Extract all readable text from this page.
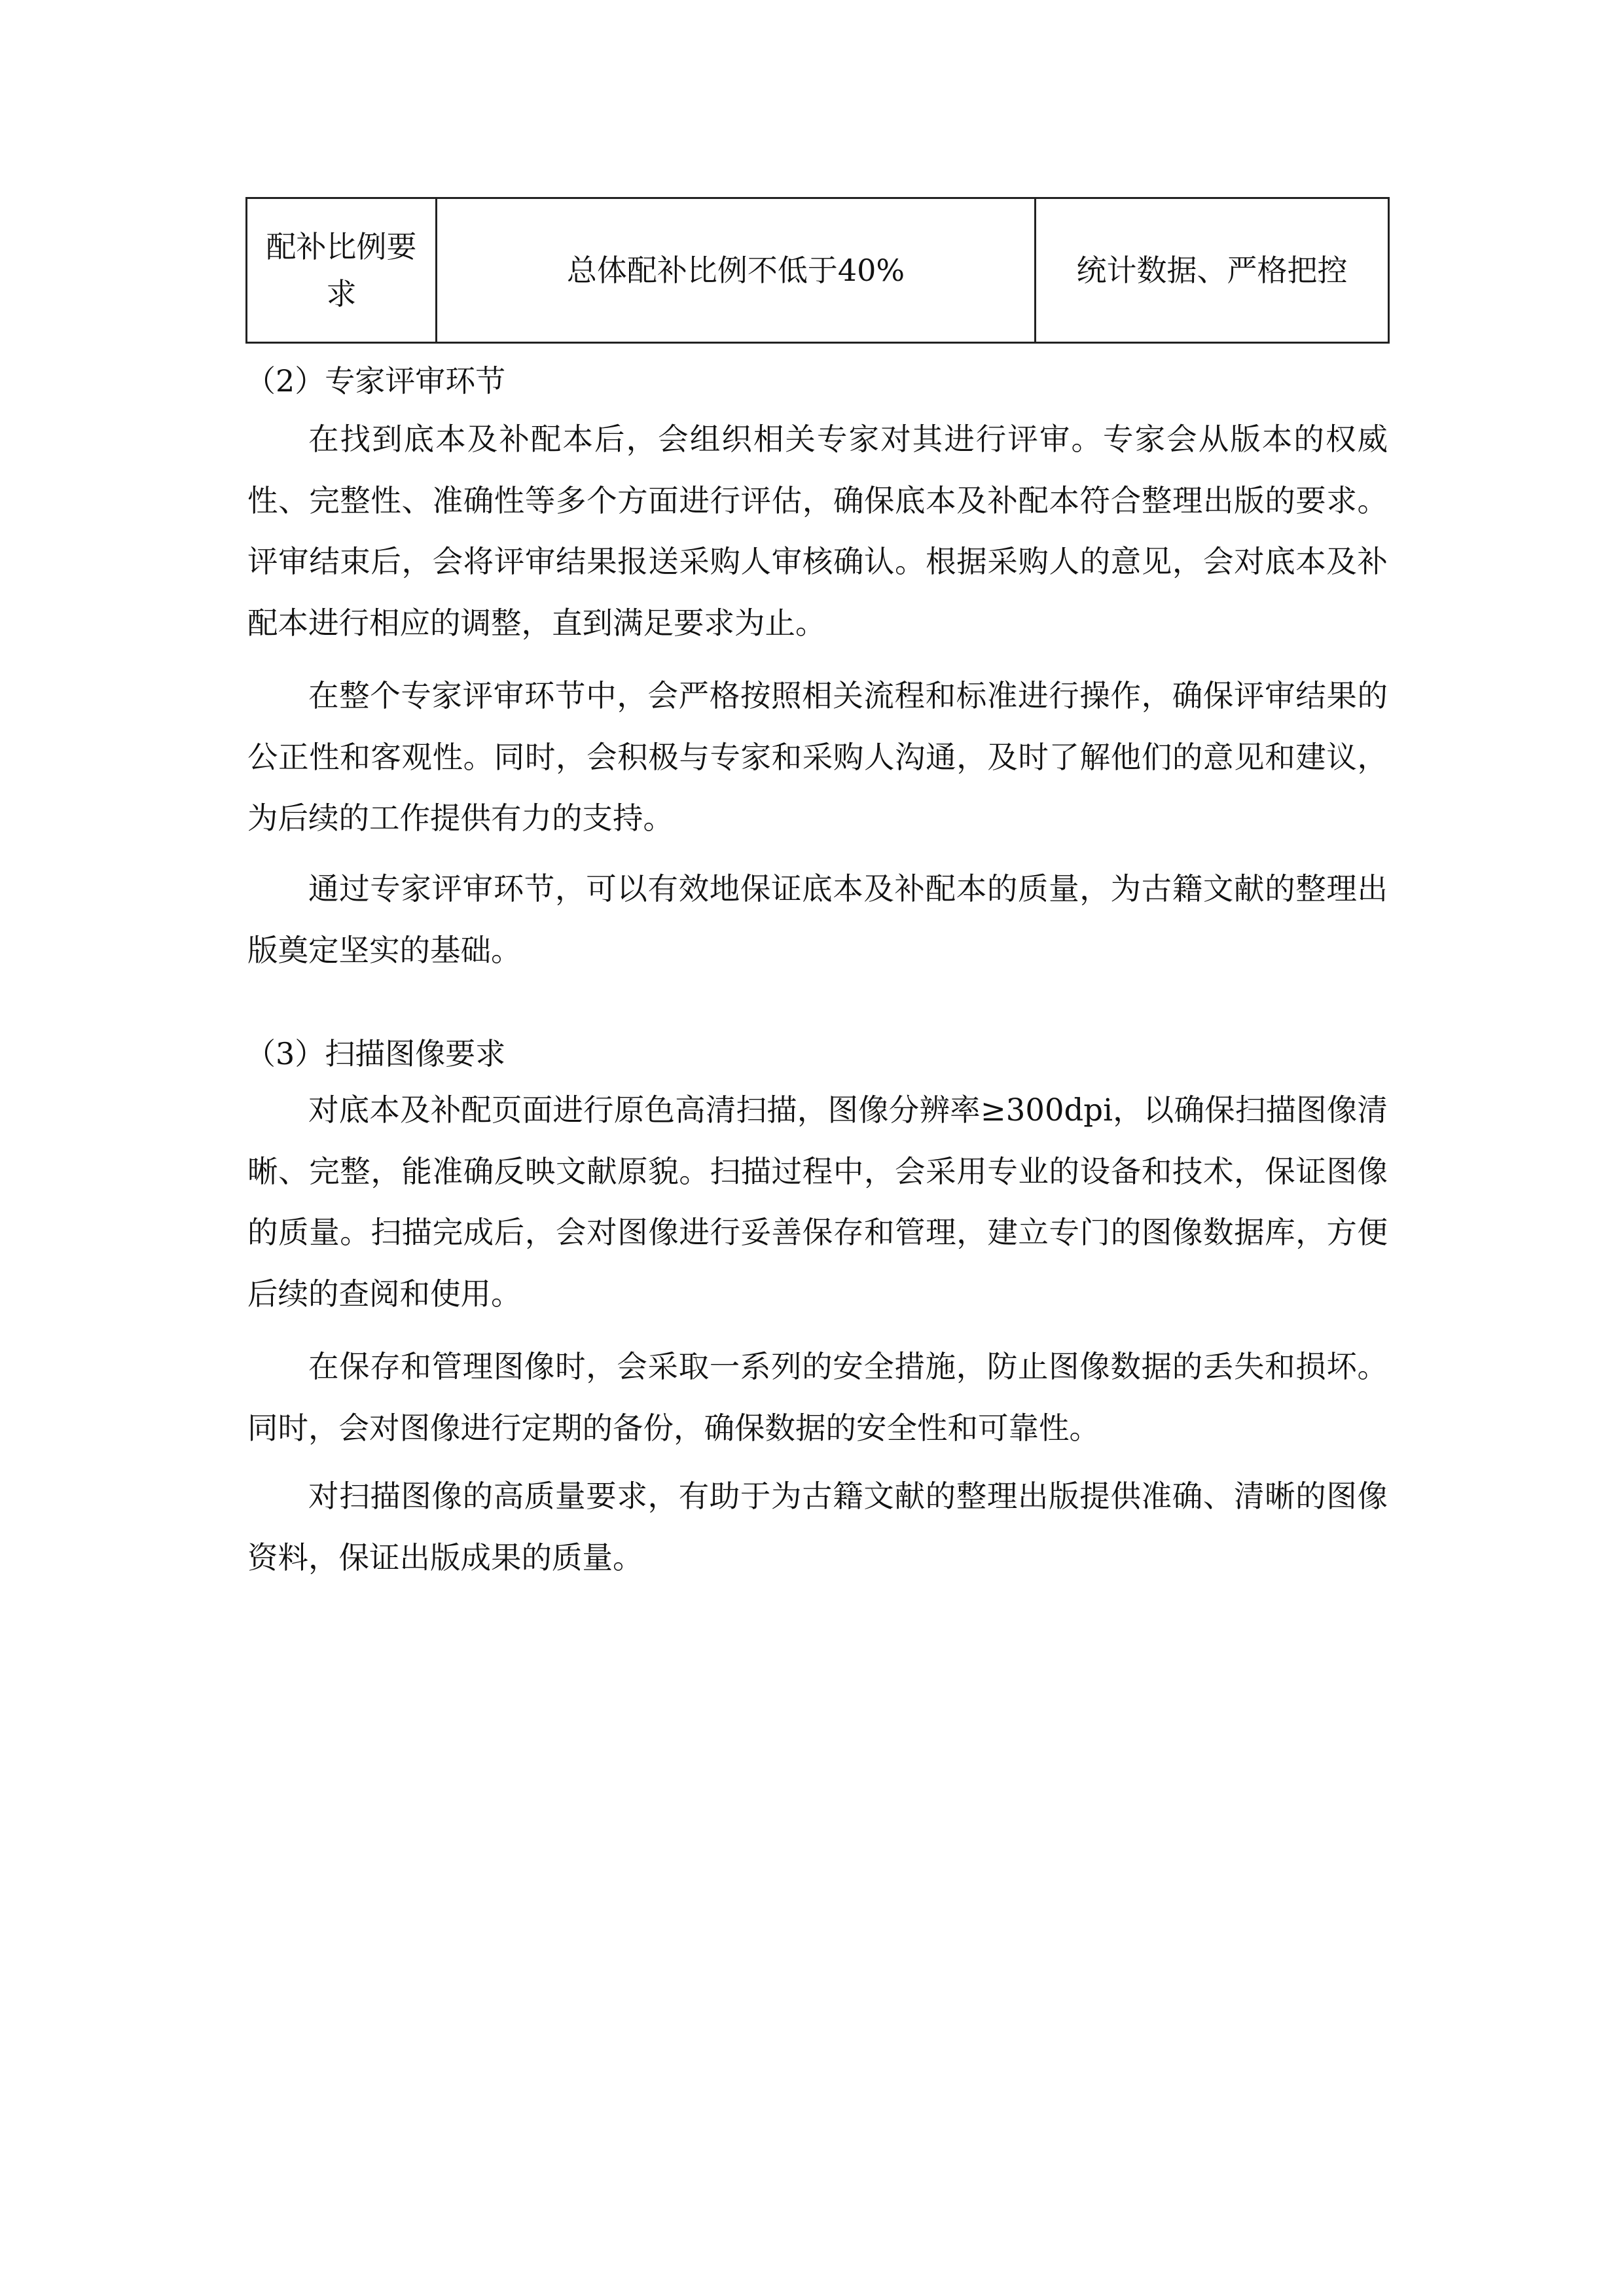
配补比例要求	总体配补比例不低于40%	统计数据、严格把控
（2）专家评审环节
在找到底本及补配本后，会组织相关专家对其进行评审。专家会从版本的权威性、完整性、准确性等多个方面进行评估，确保底本及补配本符合整理出版的要求。评审结束后，会将评审结果报送采购人审核确认。根据采购人的意见，会对底本及补配本进行相应的调整，直到满足要求为止。
在整个专家评审环节中，会严格按照相关流程和标准进行操作，确保评审结果的公正性和客观性。同时，会积极与专家和采购人沟通，及时了解他们的意见和建议，为后续的工作提供有力的支持。
通过专家评审环节，可以有效地保证底本及补配本的质量，为古籍文献的整理出版奠定坚实的基础。
（3）扫描图像要求
对底本及补配页面进行原色高清扫描，图像分辨率≥300dpi，以确保扫描图像清晰、完整，能准确反映文献原貌。扫描过程中，会采用专业的设备和技术，保证图像的质量。扫描完成后，会对图像进行妥善保存和管理，建立专门的图像数据库，方便后续的查阅和使用。
在保存和管理图像时，会采取一系列的安全措施，防止图像数据的丢失和损坏。同时，会对图像进行定期的备份，确保数据的安全性和可靠性。
对扫描图像的高质量要求，有助于为古籍文献的整理出版提供准确、清晰的图像资料，保证出版成果的质量。
